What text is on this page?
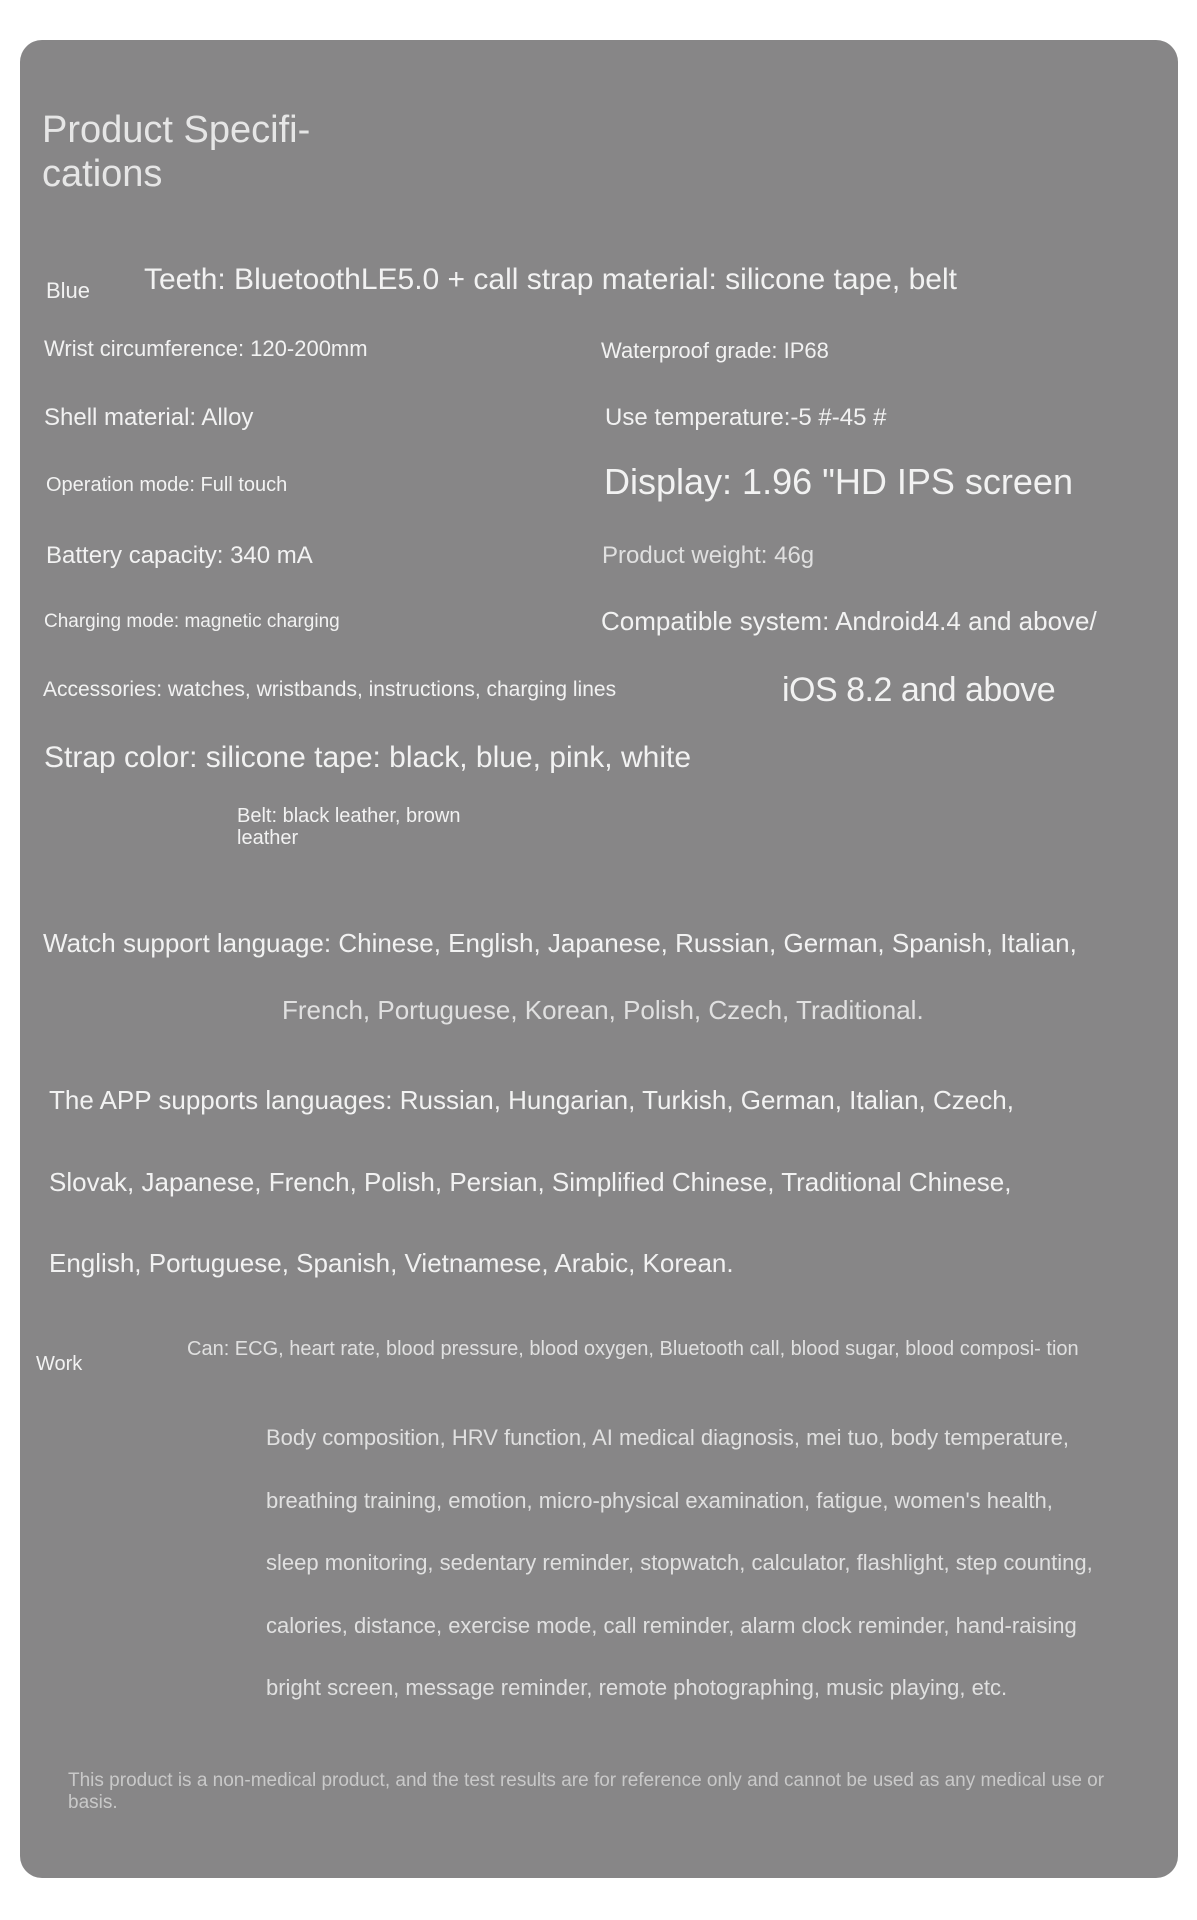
Product Specifi-
cations
Blue Teeth: BluetoothLE5.0 + call strap material: silicone tape, belt
Wrist circumference: 120-200mm	Waterproof grade: IP68
Shell material: Alloy	Use temperature:-5 #-45 #
Operation mode: Full touch	Display: 1.96 "HD IPS screen
Battery capacity: 340 mA	Product weight: 46g
Charging mode: magnetic charging	Compatible system: Android4.4 and above/
Accessories: watches, wristbands, instructions, charging lines	iOS 8.2 and above
Strap color: silicone tape: black, blue, pink, white
Belt: black leather, brown leather
Watch support language: Chinese, English, Japanese, Russian, German, Spanish, Italian,
French, Portuguese, Korean, Polish, Czech, Traditional.
The APP supports languages: Russian, Hungarian, Turkish, German, Italian, Czech,
Slovak, Japanese, French, Polish, Persian, Simplified Chinese, Traditional Chinese,
English, Portuguese, Spanish, Vietnamese, Arabic, Korean.
Work
Can: ECG, heart rate, blood pressure, blood oxygen, Bluetooth call, blood sugar, blood composi- tion
Body composition, HRV function, AI medical diagnosis, mei tuo, body temperature,
breathing training, emotion, micro-physical examination, fatigue, women's health,
sleep monitoring, sedentary reminder, stopwatch, calculator, flashlight, step counting,
calories, distance, exercise mode, call reminder, alarm clock reminder, hand-raising
bright screen, message reminder, remote photographing, music playing, etc.
This product is a non-medical product, and the test results are for reference only and cannot be used as any medical use or basis.
